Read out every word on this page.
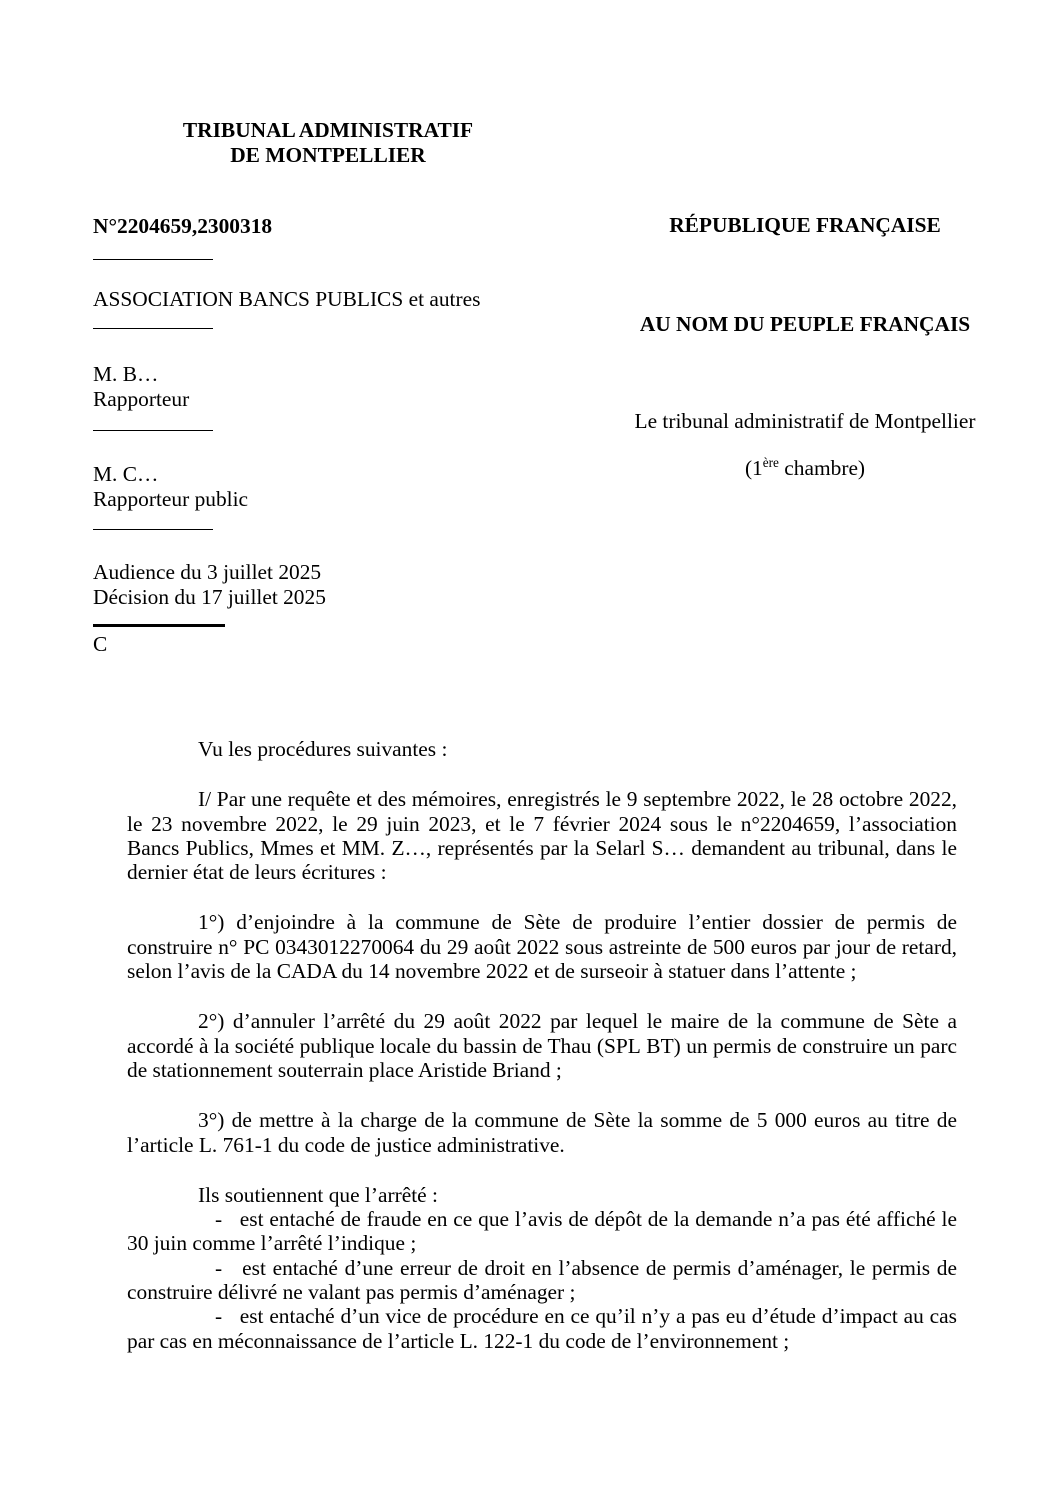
TRIBUNAL ADMINISTRATIF
DE MONTPELLIER
N°2204659,2300318
ASSOCIATION BANCS PUBLICS et autres
M. B…
Rapporteur
M. C…
Rapporteur public
Audience du 3 juillet 2025
Décision du 17 juillet 2025
C
RÉPUBLIQUE FRANÇAISE
AU NOM DU PEUPLE FRANÇAIS
Le tribunal administratif de Montpellier
(1ère chambre)

Vu les procédures suivantes :

I/ Par une requête et des mémoires, enregistrés le 9 septembre 2022, le 28 octobre 2022, le 23 novembre 2022, le 29 juin 2023, et le 7 février 2024 sous le n°2204659, l’association Bancs Publics, Mmes et MM. Z…, représentés par la Selarl S… demandent au tribunal, dans le dernier état de leurs écritures :

1°) d’enjoindre à la commune de Sète de produire l’entier dossier de permis de construire n° PC 0343012270064 du 29 août 2022 sous astreinte de 500 euros par jour de retard, selon l’avis de la CADA du 14 novembre 2022 et de surseoir à statuer dans l’attente ;

2°) d’annuler l’arrêté du 29 août 2022 par lequel le maire de la commune de Sète a accordé à la société publique locale du bassin de Thau (SPL BT) un permis de construire un parc de stationnement souterrain place Aristide Briand ;

3°) de mettre à la charge de la commune de Sète la somme de 5 000 euros au titre de l’article L. 761-1 du code de justice administrative.

Ils soutiennent que l’arrêté :

-   est entaché de fraude en ce que l’avis de dépôt de la demande n’a pas été affiché le 30 juin comme l’arrêté l’indique ;

-   est entaché d’une erreur de droit en l’absence de permis d’aménager, le permis de construire délivré ne valant pas permis d’aménager ;

-   est entaché d’un vice de procédure en ce qu’il n’y a pas eu d’étude d’impact au cas par cas en méconnaissance de l’article L. 122-1 du code de l’environnement ;
